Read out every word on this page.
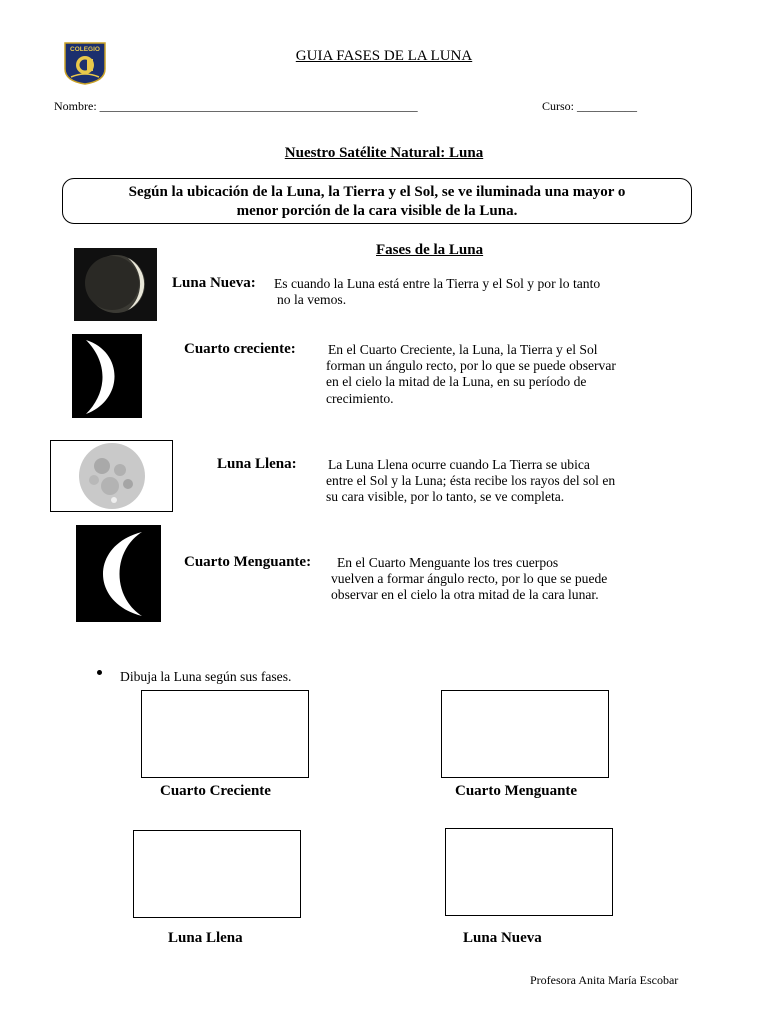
COLEGIO	GUIA FASES DE LA LUNA
Nombre: _____________________________________________________	Curso: __________
Nuestro Satélite Natural: Luna
Según la ubicación de la Luna, la Tierra y el Sol, se ve iluminada una mayor o
menor porción de la cara visible de la Luna.
Fases de la Luna
Luna Nueva: Es cuando la Luna está entre la Tierra y el Sol y por lo tanto
no la vemos.
Cuarto creciente: En el Cuarto Creciente, la Luna, la Tierra y el Sol
forman un ángulo recto, por lo que se puede observar
en el cielo la mitad de la Luna, en su período de
crecimiento.
Luna Llena: La Luna Llena ocurre cuando La Tierra se ubica
entre el Sol y la Luna; ésta recibe los rayos del sol en
su cara visible, por lo tanto, se ve completa.
Cuarto Menguante: En el Cuarto Menguante los tres cuerpos
vuelven a formar ángulo recto, por lo que se puede
observar en el cielo la otra mitad de la cara lunar.
Dibuja la Luna según sus fases.
Cuarto Creciente	Cuarto Menguante
Luna Llena	Luna Nueva
Profesora Anita María Escobar
